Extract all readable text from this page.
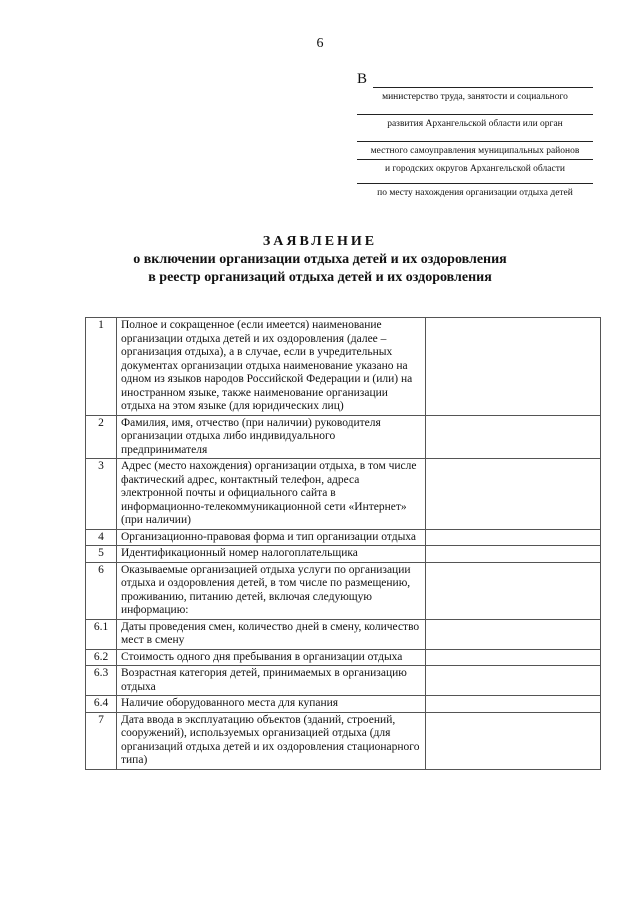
6
В
министерство труда, занятости и социального
развития Архангельской области или орган
местного самоуправления муниципальных районов
и городских округов Архангельской области
по месту нахождения организации отдыха детей
ЗАЯВЛЕНИЕ
о включении организации отдыха детей и их оздоровления
в реестр организаций отдыха детей и их оздоровления
1	Полное и сокращенное (если имеется) наименование организации отдыха детей и их оздоровления (далее – организация отдыха), а в случае, если в учредительных документах организации отдыха наименование указано на одном из языков народов Российской Федерации и (или) на иностранном языке, также наименование организации отдыха на этом языке (для юридических лиц)	
2	Фамилия, имя, отчество (при наличии) руководителя организации отдыха либо индивидуального предпринимателя	
3	Адрес (место нахождения) организации отдыха, в том числе фактический адрес, контактный телефон, адреса электронной почты и официального сайта в информационно-телекоммуникационной сети «Интернет» (при наличии)	
4	Организационно-правовая форма и тип организации отдыха	
5	Идентификационный номер налогоплательщика	
6	Оказываемые организацией отдыха услуги по организации отдыха и оздоровления детей, в том числе по размещению, проживанию, питанию детей, включая следующую информацию:	
6.1	Даты проведения смен, количество дней в смену, количество мест в смену	
6.2	Стоимость одного дня пребывания в организации отдыха	
6.3	Возрастная категория детей, принимаемых в организацию отдыха	
6.4	Наличие оборудованного места для купания	
7	Дата ввода в эксплуатацию объектов (зданий, строений, сооружений), используемых организацией отдыха (для организаций отдыха детей и их оздоровления стационарного типа)	
